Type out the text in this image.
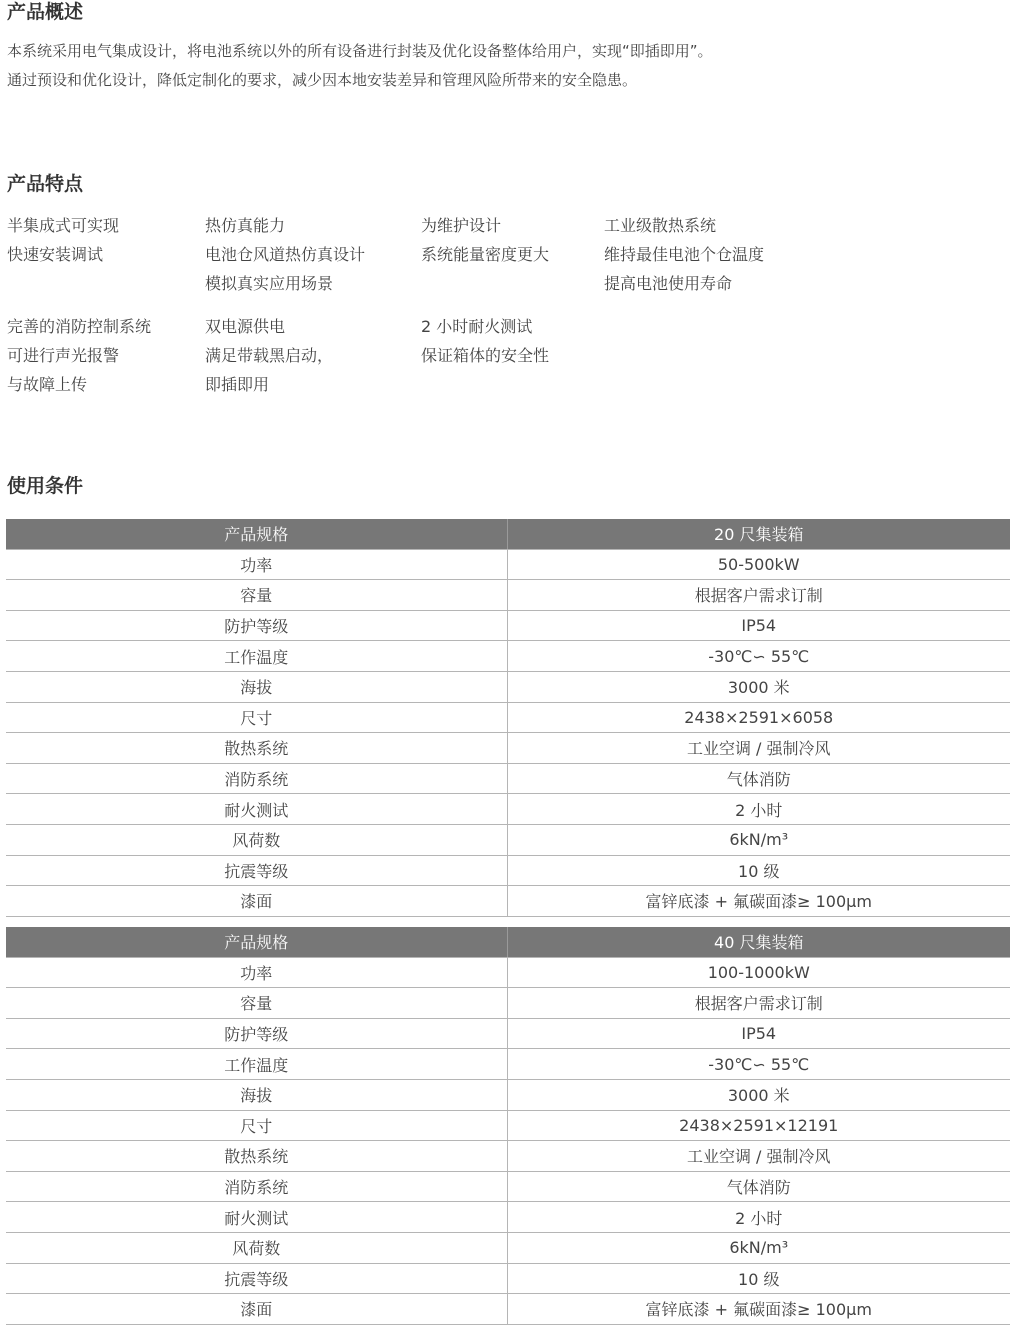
产品概述
本系统采用电气集成设计，将电池系统以外的所有设备进行封装及优化设备整体给用户，实现“即插即用”。
通过预设和优化设计，降低定制化的要求，减少因本地安装差异和管理风险所带来的安全隐患。
产品特点
半集成式可实现
快速安装调试
热仿真能力
电池仓风道热仿真设计
模拟真实应用场景
为维护设计
系统能量密度更大
工业级散热系统
维持最佳电池个仓温度
提高电池使用寿命
完善的消防控制系统
可进行声光报警
与故障上传
双电源供电
满足带载黑启动，
即插即用
2 小时耐火测试
保证箱体的安全性
使用条件
产品规格	20 尺集装箱
功率	50-500kW
容量	根据客户需求订制
防护等级	IP54
工作温度	-30℃∽ 55℃
海拔	3000 米
尺寸	2438×2591×6058
散热系统	工业空调 / 强制冷风
消防系统	气体消防
耐火测试	2 小时
风荷数	6kN/m³
抗震等级	10 级
漆面	富锌底漆 + 氟碳面漆≥ 100μm
产品规格	40 尺集装箱
功率	100-1000kW
容量	根据客户需求订制
防护等级	IP54
工作温度	-30℃∽ 55℃
海拔	3000 米
尺寸	2438×2591×12191
散热系统	工业空调 / 强制冷风
消防系统	气体消防
耐火测试	2 小时
风荷数	6kN/m³
抗震等级	10 级
漆面	富锌底漆 + 氟碳面漆≥ 100μm
